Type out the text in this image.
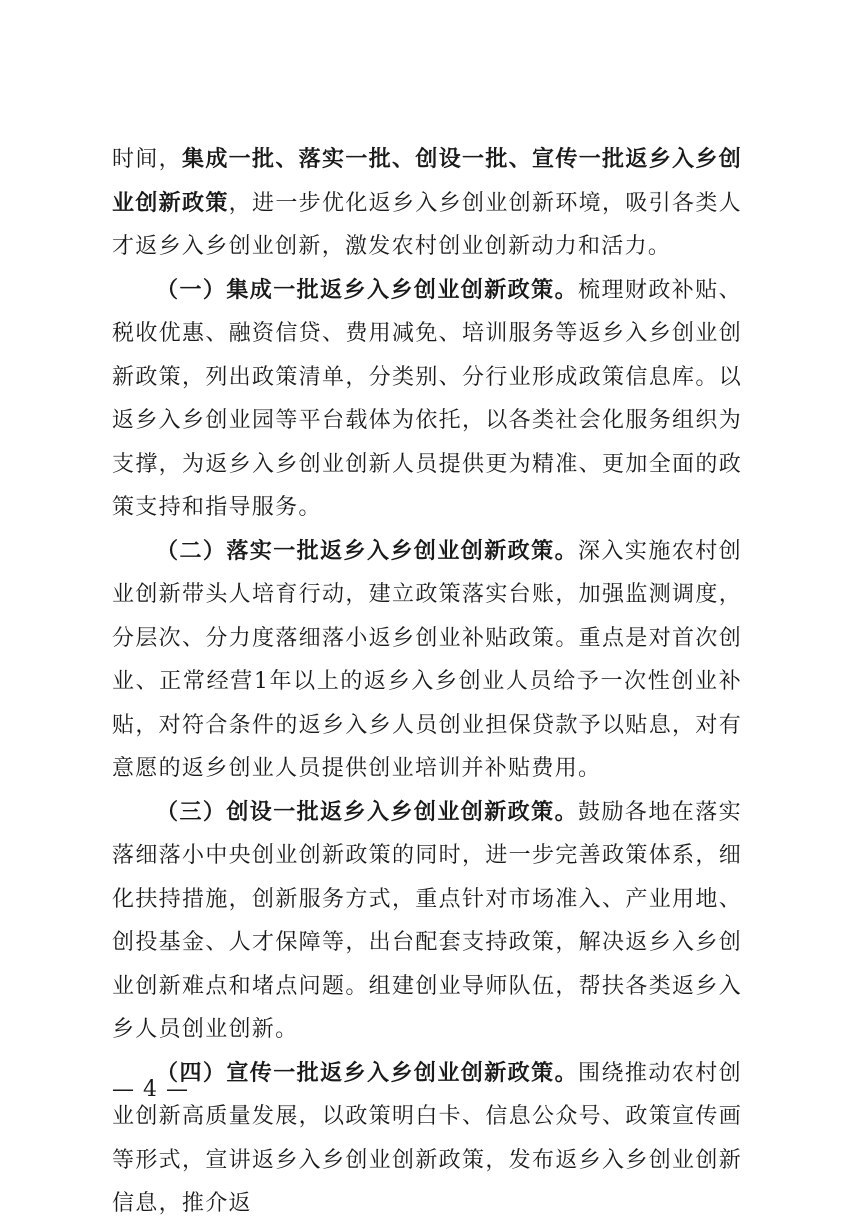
时间，集成一批、落实一批、创设一批、宣传一批返乡入乡创业创新政策，进一步优化返乡入乡创业创新环境，吸引各类人才返乡入乡创业创新，激发农村创业创新动力和活力。

（一）集成一批返乡入乡创业创新政策。梳理财政补贴、税收优惠、融资信贷、费用减免、培训服务等返乡入乡创业创新政策，列出政策清单，分类别、分行业形成政策信息库。以返乡入乡创业园等平台载体为依托，以各类社会化服务组织为支撑，为返乡入乡创业创新人员提供更为精准、更加全面的政策支持和指导服务。

（二）落实一批返乡入乡创业创新政策。深入实施农村创业创新带头人培育行动，建立政策落实台账，加强监测调度，分层次、分力度落细落小返乡创业补贴政策。重点是对首次创业、正常经营1年以上的返乡入乡创业人员给予一次性创业补贴，对符合条件的返乡入乡人员创业担保贷款予以贴息，对有意愿的返乡创业人员提供创业培训并补贴费用。

（三）创设一批返乡入乡创业创新政策。鼓励各地在落实落细落小中央创业创新政策的同时，进一步完善政策体系，细化扶持措施，创新服务方式，重点针对市场准入、产业用地、创投基金、人才保障等，出台配套支持政策，解决返乡入乡创业创新难点和堵点问题。组建创业导师队伍，帮扶各类返乡入乡人员创业创新。

（四）宣传一批返乡入乡创业创新政策。围绕推动农村创业创新高质量发展，以政策明白卡、信息公众号、政策宣传画等形式，宣讲返乡入乡创业创新政策，发布返乡入乡创业创新信息，推介返

— 4 —
